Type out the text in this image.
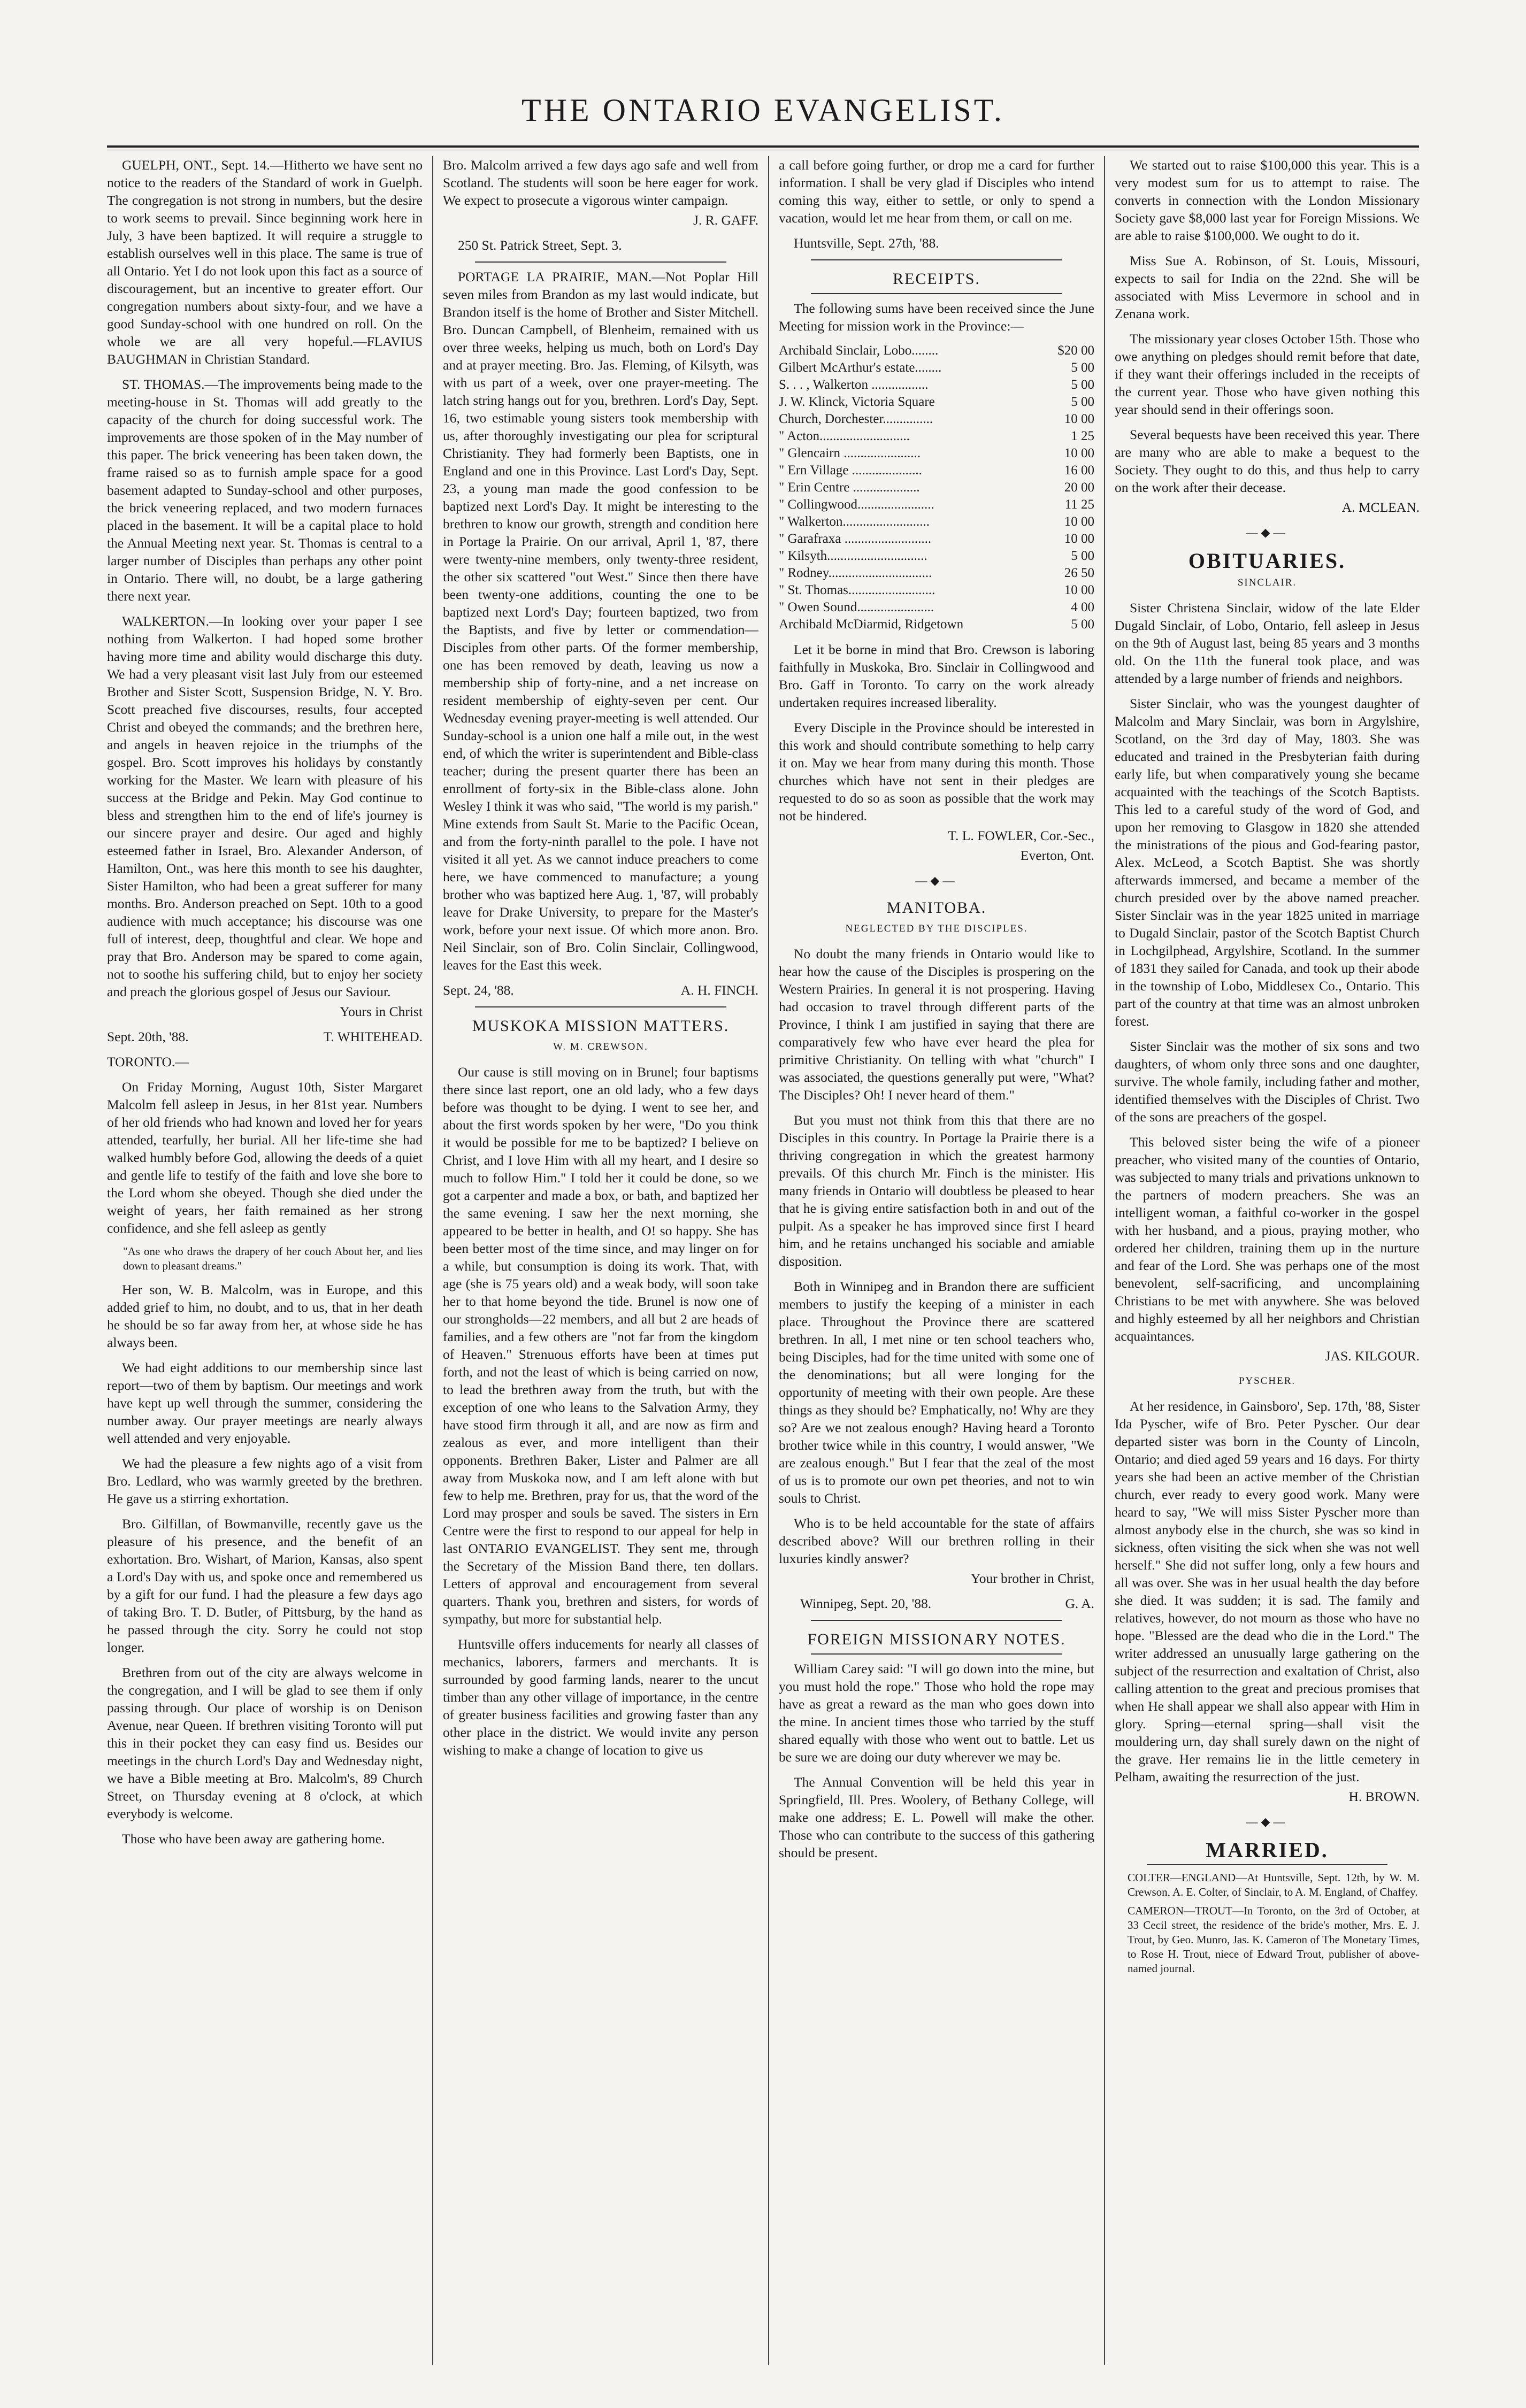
THE ONTARIO EVANGELIST.

GUELPH, ONT., Sept. 14.—Hitherto we have sent no notice to the readers of the Standard of work in Guelph. The congregation is not strong in numbers, but the desire to work seems to prevail. Since beginning work here in July, 3 have been baptized. It will require a struggle to establish ourselves well in this place. The same is true of all Ontario. Yet I do not look upon this fact as a source of discouragement, but an incentive to greater effort. Our congregation numbers about sixty-four, and we have a good Sunday-school with one hundred on roll. On the whole we are all very hopeful.—FLAVIUS BAUGHMAN in Christian Standard.

ST. THOMAS.—The improvements being made to the meeting-house in St. Thomas will add greatly to the capacity of the church for doing successful work. The improvements are those spoken of in the May number of this paper. The brick veneering has been taken down, the frame raised so as to furnish ample space for a good basement adapted to Sunday-school and other purposes, the brick veneering replaced, and two modern furnaces placed in the basement. It will be a capital place to hold the Annual Meeting next year. St. Thomas is central to a larger number of Disciples than perhaps any other point in Ontario. There will, no doubt, be a large gathering there next year.

WALKERTON.—In looking over your paper I see nothing from Walkerton. I had hoped some brother having more time and ability would discharge this duty. We had a very pleasant visit last July from our esteemed Brother and Sister Scott, Suspension Bridge, N. Y. Bro. Scott preached five discourses, results, four accepted Christ and obeyed the commands; and the brethren here, and angels in heaven rejoice in the triumphs of the gospel. Bro. Scott improves his holidays by constantly working for the Master. We learn with pleasure of his success at the Bridge and Pekin. May God continue to bless and strengthen him to the end of life's journey is our sincere prayer and desire. Our aged and highly esteemed father in Israel, Bro. Alexander Anderson, of Hamilton, Ont., was here this month to see his daughter, Sister Hamilton, who had been a great sufferer for many months. Bro. Anderson preached on Sept. 10th to a good audience with much acceptance; his discourse was one full of interest, deep, thoughtful and clear. We hope and pray that Bro. Anderson may be spared to come again, not to soothe his suffering child, but to enjoy her society and preach the glorious gospel of Jesus our Saviour.

Yours in Christ

Sept. 20th, '88.	T. WHITEHEAD.

TORONTO.—

On Friday Morning, August 10th, Sister Margaret Malcolm fell asleep in Jesus, in her 81st year. Numbers of her old friends who had known and loved her for years attended, tearfully, her burial. All her life-time she had walked humbly before God, allowing the deeds of a quiet and gentle life to testify of the faith and love she bore to the Lord whom she obeyed. Though she died under the weight of years, her faith remained as her strong confidence, and she fell asleep as gently

"As one who draws the drapery of her couch About her, and lies down to pleasant dreams."

Her son, W. B. Malcolm, was in Europe, and this added grief to him, no doubt, and to us, that in her death he should be so far away from her, at whose side he has always been.

We had eight additions to our membership since last report—two of them by baptism. Our meetings and work have kept up well through the summer, considering the number away. Our prayer meetings are nearly always well attended and very enjoyable.

We had the pleasure a few nights ago of a visit from Bro. Ledlard, who was warmly greeted by the brethren. He gave us a stirring exhortation.

Bro. Gilfillan, of Bowmanville, recently gave us the pleasure of his presence, and the benefit of an exhortation. Bro. Wishart, of Marion, Kansas, also spent a Lord's Day with us, and spoke once and remembered us by a gift for our fund. I had the pleasure a few days ago of taking Bro. T. D. Butler, of Pittsburg, by the hand as he passed through the city. Sorry he could not stop longer.

Brethren from out of the city are always welcome in the congregation, and I will be glad to see them if only passing through. Our place of worship is on Denison Avenue, near Queen. If brethren visiting Toronto will put this in their pocket they can easy find us. Besides our meetings in the church Lord's Day and Wednesday night, we have a Bible meeting at Bro. Malcolm's, 89 Church Street, on Thursday evening at 8 o'clock, at which everybody is welcome.

Those who have been away are gathering home.

Bro. Malcolm arrived a few days ago safe and well from Scotland. The students will soon be here eager for work. We expect to prosecute a vigorous winter campaign.

J. R. GAFF.

250 St. Patrick Street, Sept. 3.

PORTAGE LA PRAIRIE, MAN.—Not Poplar Hill seven miles from Brandon as my last would indicate, but Brandon itself is the home of Brother and Sister Mitchell. Bro. Duncan Campbell, of Blenheim, remained with us over three weeks, helping us much, both on Lord's Day and at prayer meeting. Bro. Jas. Fleming, of Kilsyth, was with us part of a week, over one prayer-meeting. The latch string hangs out for you, brethren. Lord's Day, Sept. 16, two estimable young sisters took membership with us, after thoroughly investigating our plea for scriptural Christianity. They had formerly been Baptists, one in England and one in this Province. Last Lord's Day, Sept. 23, a young man made the good confession to be baptized next Lord's Day. It might be interesting to the brethren to know our growth, strength and condition here in Portage la Prairie. On our arrival, April 1, '87, there were twenty-nine members, only twenty-three resident, the other six scattered "out West." Since then there have been twenty-one additions, counting the one to be baptized next Lord's Day; fourteen baptized, two from the Baptists, and five by letter or commendation—Disciples from other parts. Of the former membership, one has been removed by death, leaving us now a membership ship of forty-nine, and a net increase on resident membership of eighty-seven per cent. Our Wednesday evening prayer-meeting is well attended. Our Sunday-school is a union one half a mile out, in the west end, of which the writer is superintendent and Bible-class teacher; during the present quarter there has been an enrollment of forty-six in the Bible-class alone. John Wesley I think it was who said, "The world is my parish." Mine extends from Sault St. Marie to the Pacific Ocean, and from the forty-ninth parallel to the pole. I have not visited it all yet. As we cannot induce preachers to come here, we have commenced to manufacture; a young brother who was baptized here Aug. 1, '87, will probably leave for Drake University, to prepare for the Master's work, before your next issue. Of which more anon. Bro. Neil Sinclair, son of Bro. Colin Sinclair, Collingwood, leaves for the East this week.

Sept. 24, '88.	A. H. FINCH.

MUSKOKA MISSION MATTERS.

W. M. CREWSON.

Our cause is still moving on in Brunel; four baptisms there since last report, one an old lady, who a few days before was thought to be dying. I went to see her, and about the first words spoken by her were, "Do you think it would be possible for me to be baptized? I believe on Christ, and I love Him with all my heart, and I desire so much to follow Him." I told her it could be done, so we got a carpenter and made a box, or bath, and baptized her the same evening. I saw her the next morning, she appeared to be better in health, and O! so happy. She has been better most of the time since, and may linger on for a while, but consumption is doing its work. That, with age (she is 75 years old) and a weak body, will soon take her to that home beyond the tide. Brunel is now one of our strongholds—22 members, and all but 2 are heads of families, and a few others are "not far from the kingdom of Heaven." Strenuous efforts have been at times put forth, and not the least of which is being carried on now, to lead the brethren away from the truth, but with the exception of one who leans to the Salvation Army, they have stood firm through it all, and are now as firm and zealous as ever, and more intelligent than their opponents. Brethren Baker, Lister and Palmer are all away from Muskoka now, and I am left alone with but few to help me. Brethren, pray for us, that the word of the Lord may prosper and souls be saved. The sisters in Ern Centre were the first to respond to our appeal for help in last ONTARIO EVANGELIST. They sent me, through the Secretary of the Mission Band there, ten dollars. Letters of approval and encouragement from several quarters. Thank you, brethren and sisters, for words of sympathy, but more for substantial help.

Huntsville offers inducements for nearly all classes of mechanics, laborers, farmers and merchants. It is surrounded by good farming lands, nearer to the uncut timber than any other village of importance, in the centre of greater business facilities and growing faster than any other place in the district. We would invite any person wishing to make a change of location to give us

a call before going further, or drop me a card for further information. I shall be very glad if Disciples who intend coming this way, either to settle, or only to spend a vacation, would let me hear from them, or call on me.

Huntsville, Sept. 27th, '88.

RECEIPTS.

The following sums have been received since the June Meeting for mission work in the Province:—

Archibald Sinclair, Lobo........	$20 00
Gilbert McArthur's estate........	5 00
S. . . , Walkerton .................	5 00
J. W. Klinck, Victoria Square	5 00
Church, Dorchester...............	10 00
" Acton...........................	1 25
" Glencairn .......................	10 00
" Ern Village .....................	16 00
" Erin Centre ....................	20 00
" Collingwood.......................	11 25
" Walkerton..........................	10 00
" Garafraxa ..........................	10 00
" Kilsyth..............................	5 00
" Rodney...............................	26 50
" St. Thomas..........................	10 00
" Owen Sound.......................	4 00
Archibald McDiarmid, Ridgetown	5 00

Let it be borne in mind that Bro. Crewson is laboring faithfully in Muskoka, Bro. Sinclair in Collingwood and Bro. Gaff in Toronto. To carry on the work already undertaken requires increased liberality.

Every Disciple in the Province should be interested in this work and should contribute something to help carry it on. May we hear from many during this month. Those churches which have not sent in their pledges are requested to do so as soon as possible that the work may not be hindered.

T. L. FOWLER, Cor.-Sec.,

Everton, Ont.

—◆—

MANITOBA.

NEGLECTED BY THE DISCIPLES.

No doubt the many friends in Ontario would like to hear how the cause of the Disciples is prospering on the Western Prairies. In general it is not prospering. Having had occasion to travel through different parts of the Province, I think I am justified in saying that there are comparatively few who have ever heard the plea for primitive Christianity. On telling with what "church" I was associated, the questions generally put were, "What? The Disciples? Oh! I never heard of them."

But you must not think from this that there are no Disciples in this country. In Portage la Prairie there is a thriving congregation in which the greatest harmony prevails. Of this church Mr. Finch is the minister. His many friends in Ontario will doubtless be pleased to hear that he is giving entire satisfaction both in and out of the pulpit. As a speaker he has improved since first I heard him, and he retains unchanged his sociable and amiable disposition.

Both in Winnipeg and in Brandon there are sufficient members to justify the keeping of a minister in each place. Throughout the Province there are scattered brethren. In all, I met nine or ten school teachers who, being Disciples, had for the time united with some one of the denominations; but all were longing for the opportunity of meeting with their own people. Are these things as they should be? Emphatically, no! Why are they so? Are we not zealous enough? Having heard a Toronto brother twice while in this country, I would answer, "We are zealous enough." But I fear that the zeal of the most of us is to promote our own pet theories, and not to win souls to Christ.

Who is to be held accountable for the state of affairs described above? Will our brethren rolling in their luxuries kindly answer?

Your brother in Christ,

Winnipeg, Sept. 20, '88.	G. A.

FOREIGN MISSIONARY NOTES.

William Carey said: "I will go down into the mine, but you must hold the rope." Those who hold the rope may have as great a reward as the man who goes down into the mine. In ancient times those who tarried by the stuff shared equally with those who went out to battle. Let us be sure we are doing our duty wherever we may be.

The Annual Convention will be held this year in Springfield, Ill. Pres. Woolery, of Bethany College, will make one address; E. L. Powell will make the other. Those who can contribute to the success of this gathering should be present.

We started out to raise $100,000 this year. This is a very modest sum for us to attempt to raise. The converts in connection with the London Missionary Society gave $8,000 last year for Foreign Missions. We are able to raise $100,000. We ought to do it.

Miss Sue A. Robinson, of St. Louis, Missouri, expects to sail for India on the 22nd. She will be associated with Miss Levermore in school and in Zenana work.

The missionary year closes October 15th. Those who owe anything on pledges should remit before that date, if they want their offerings included in the receipts of the current year. Those who have given nothing this year should send in their offerings soon.

Several bequests have been received this year. There are many who are able to make a bequest to the Society. They ought to do this, and thus help to carry on the work after their decease.

A. MCLEAN.

—◆—

OBITUARIES.

SINCLAIR.

Sister Christena Sinclair, widow of the late Elder Dugald Sinclair, of Lobo, Ontario, fell asleep in Jesus on the 9th of August last, being 85 years and 3 months old. On the 11th the funeral took place, and was attended by a large number of friends and neighbors.

Sister Sinclair, who was the youngest daughter of Malcolm and Mary Sinclair, was born in Argylshire, Scotland, on the 3rd day of May, 1803. She was educated and trained in the Presbyterian faith during early life, but when comparatively young she became acquainted with the teachings of the Scotch Baptists. This led to a careful study of the word of God, and upon her removing to Glasgow in 1820 she attended the ministrations of the pious and God-fearing pastor, Alex. McLeod, a Scotch Baptist. She was shortly afterwards immersed, and became a member of the church presided over by the above named preacher. Sister Sinclair was in the year 1825 united in marriage to Dugald Sinclair, pastor of the Scotch Baptist Church in Lochgilphead, Argylshire, Scotland. In the summer of 1831 they sailed for Canada, and took up their abode in the township of Lobo, Middlesex Co., Ontario. This part of the country at that time was an almost unbroken forest.

Sister Sinclair was the mother of six sons and two daughters, of whom only three sons and one daughter, survive. The whole family, including father and mother, identified themselves with the Disciples of Christ. Two of the sons are preachers of the gospel.

This beloved sister being the wife of a pioneer preacher, who visited many of the counties of Ontario, was subjected to many trials and privations unknown to the partners of modern preachers. She was an intelligent woman, a faithful co-worker in the gospel with her husband, and a pious, praying mother, who ordered her children, training them up in the nurture and fear of the Lord. She was perhaps one of the most benevolent, self-sacrificing, and uncomplaining Christians to be met with anywhere. She was beloved and highly esteemed by all her neighbors and Christian acquaintances.

JAS. KILGOUR.

PYSCHER.

At her residence, in Gainsboro', Sep. 17th, '88, Sister Ida Pyscher, wife of Bro. Peter Pyscher. Our dear departed sister was born in the County of Lincoln, Ontario; and died aged 59 years and 16 days. For thirty years she had been an active member of the Christian church, ever ready to every good work. Many were heard to say, "We will miss Sister Pyscher more than almost anybody else in the church, she was so kind in sickness, often visiting the sick when she was not well herself." She did not suffer long, only a few hours and all was over. She was in her usual health the day before she died. It was sudden; it is sad. The family and relatives, however, do not mourn as those who have no hope. "Blessed are the dead who die in the Lord." The writer addressed an unusually large gathering on the subject of the resurrection and exaltation of Christ, also calling attention to the great and precious promises that when He shall appear we shall also appear with Him in glory. Spring—eternal spring—shall visit the mouldering urn, day shall surely dawn on the night of the grave. Her remains lie in the little cemetery in Pelham, awaiting the resurrection of the just.

H. BROWN.

—◆—

MARRIED.

COLTER—ENGLAND—At Huntsville, Sept. 12th, by W. M. Crewson, A. E. Colter, of Sinclair, to A. M. England, of Chaffey.

CAMERON—TROUT—In Toronto, on the 3rd of October, at 33 Cecil street, the residence of the bride's mother, Mrs. E. J. Trout, by Geo. Munro, Jas. K. Cameron of The Monetary Times, to Rose H. Trout, niece of Edward Trout, publisher of above-named journal.
